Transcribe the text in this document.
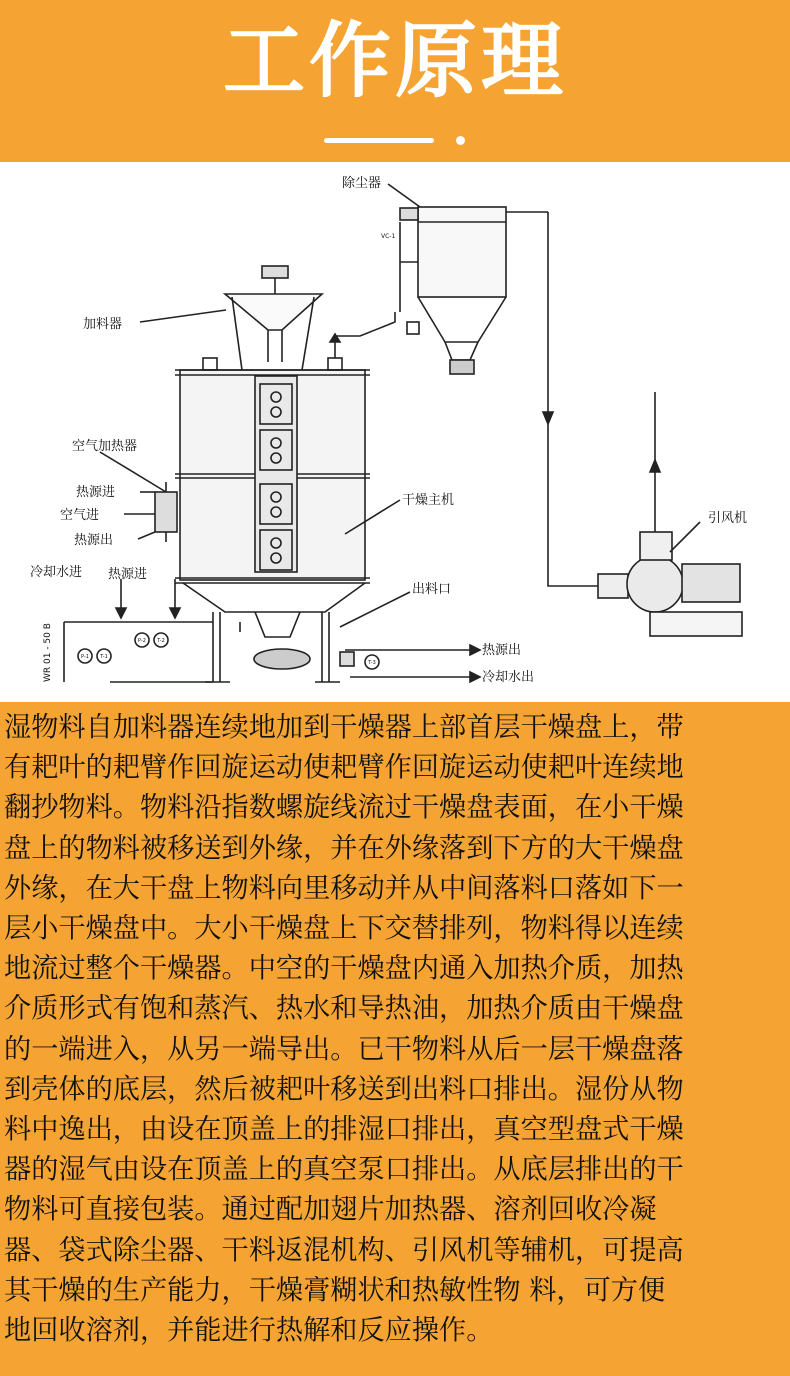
工作原理
除尘器
加料器
空气加热器
热源进
空气进
热源出
冷却水进 热源进
干燥主机
出料口
引风机
热源出
冷却水出
WR 01 - 50 B
VC-1
P-1 T-1
P-2 T-2
T-3
湿物料自加料器连续地加到干燥器上部首层干燥盘上，带
有耙叶的耙臂作回旋运动使耙臂作回旋运动使耙叶连续地
翻抄物料。物料沿指数螺旋线流过干燥盘表面，在小干燥
盘上的物料被移送到外缘，并在外缘落到下方的大干燥盘
外缘，在大干盘上物料向里移动并从中间落料口落如下一
层小干燥盘中。大小干燥盘上下交替排列，物料得以连续
地流过整个干燥器。中空的干燥盘内通入加热介质，加热
介质形式有饱和蒸汽、热水和导热油，加热介质由干燥盘
的一端进入，从另一端导出。已干物料从后一层干燥盘落
到壳体的底层，然后被耙叶移送到出料口排出。湿份从物
料中逸出，由设在顶盖上的排湿口排出，真空型盘式干燥
器的湿气由设在顶盖上的真空泵口排出。从底层排出的干
物料可直接包装。通过配加翅片加热器、溶剂回收冷凝
器、袋式除尘器、干料返混机构、引风机等辅机，可提高
其干燥的生产能力，干燥膏糊状和热敏性物 料，可方便
地回收溶剂，并能进行热解和反应操作。
